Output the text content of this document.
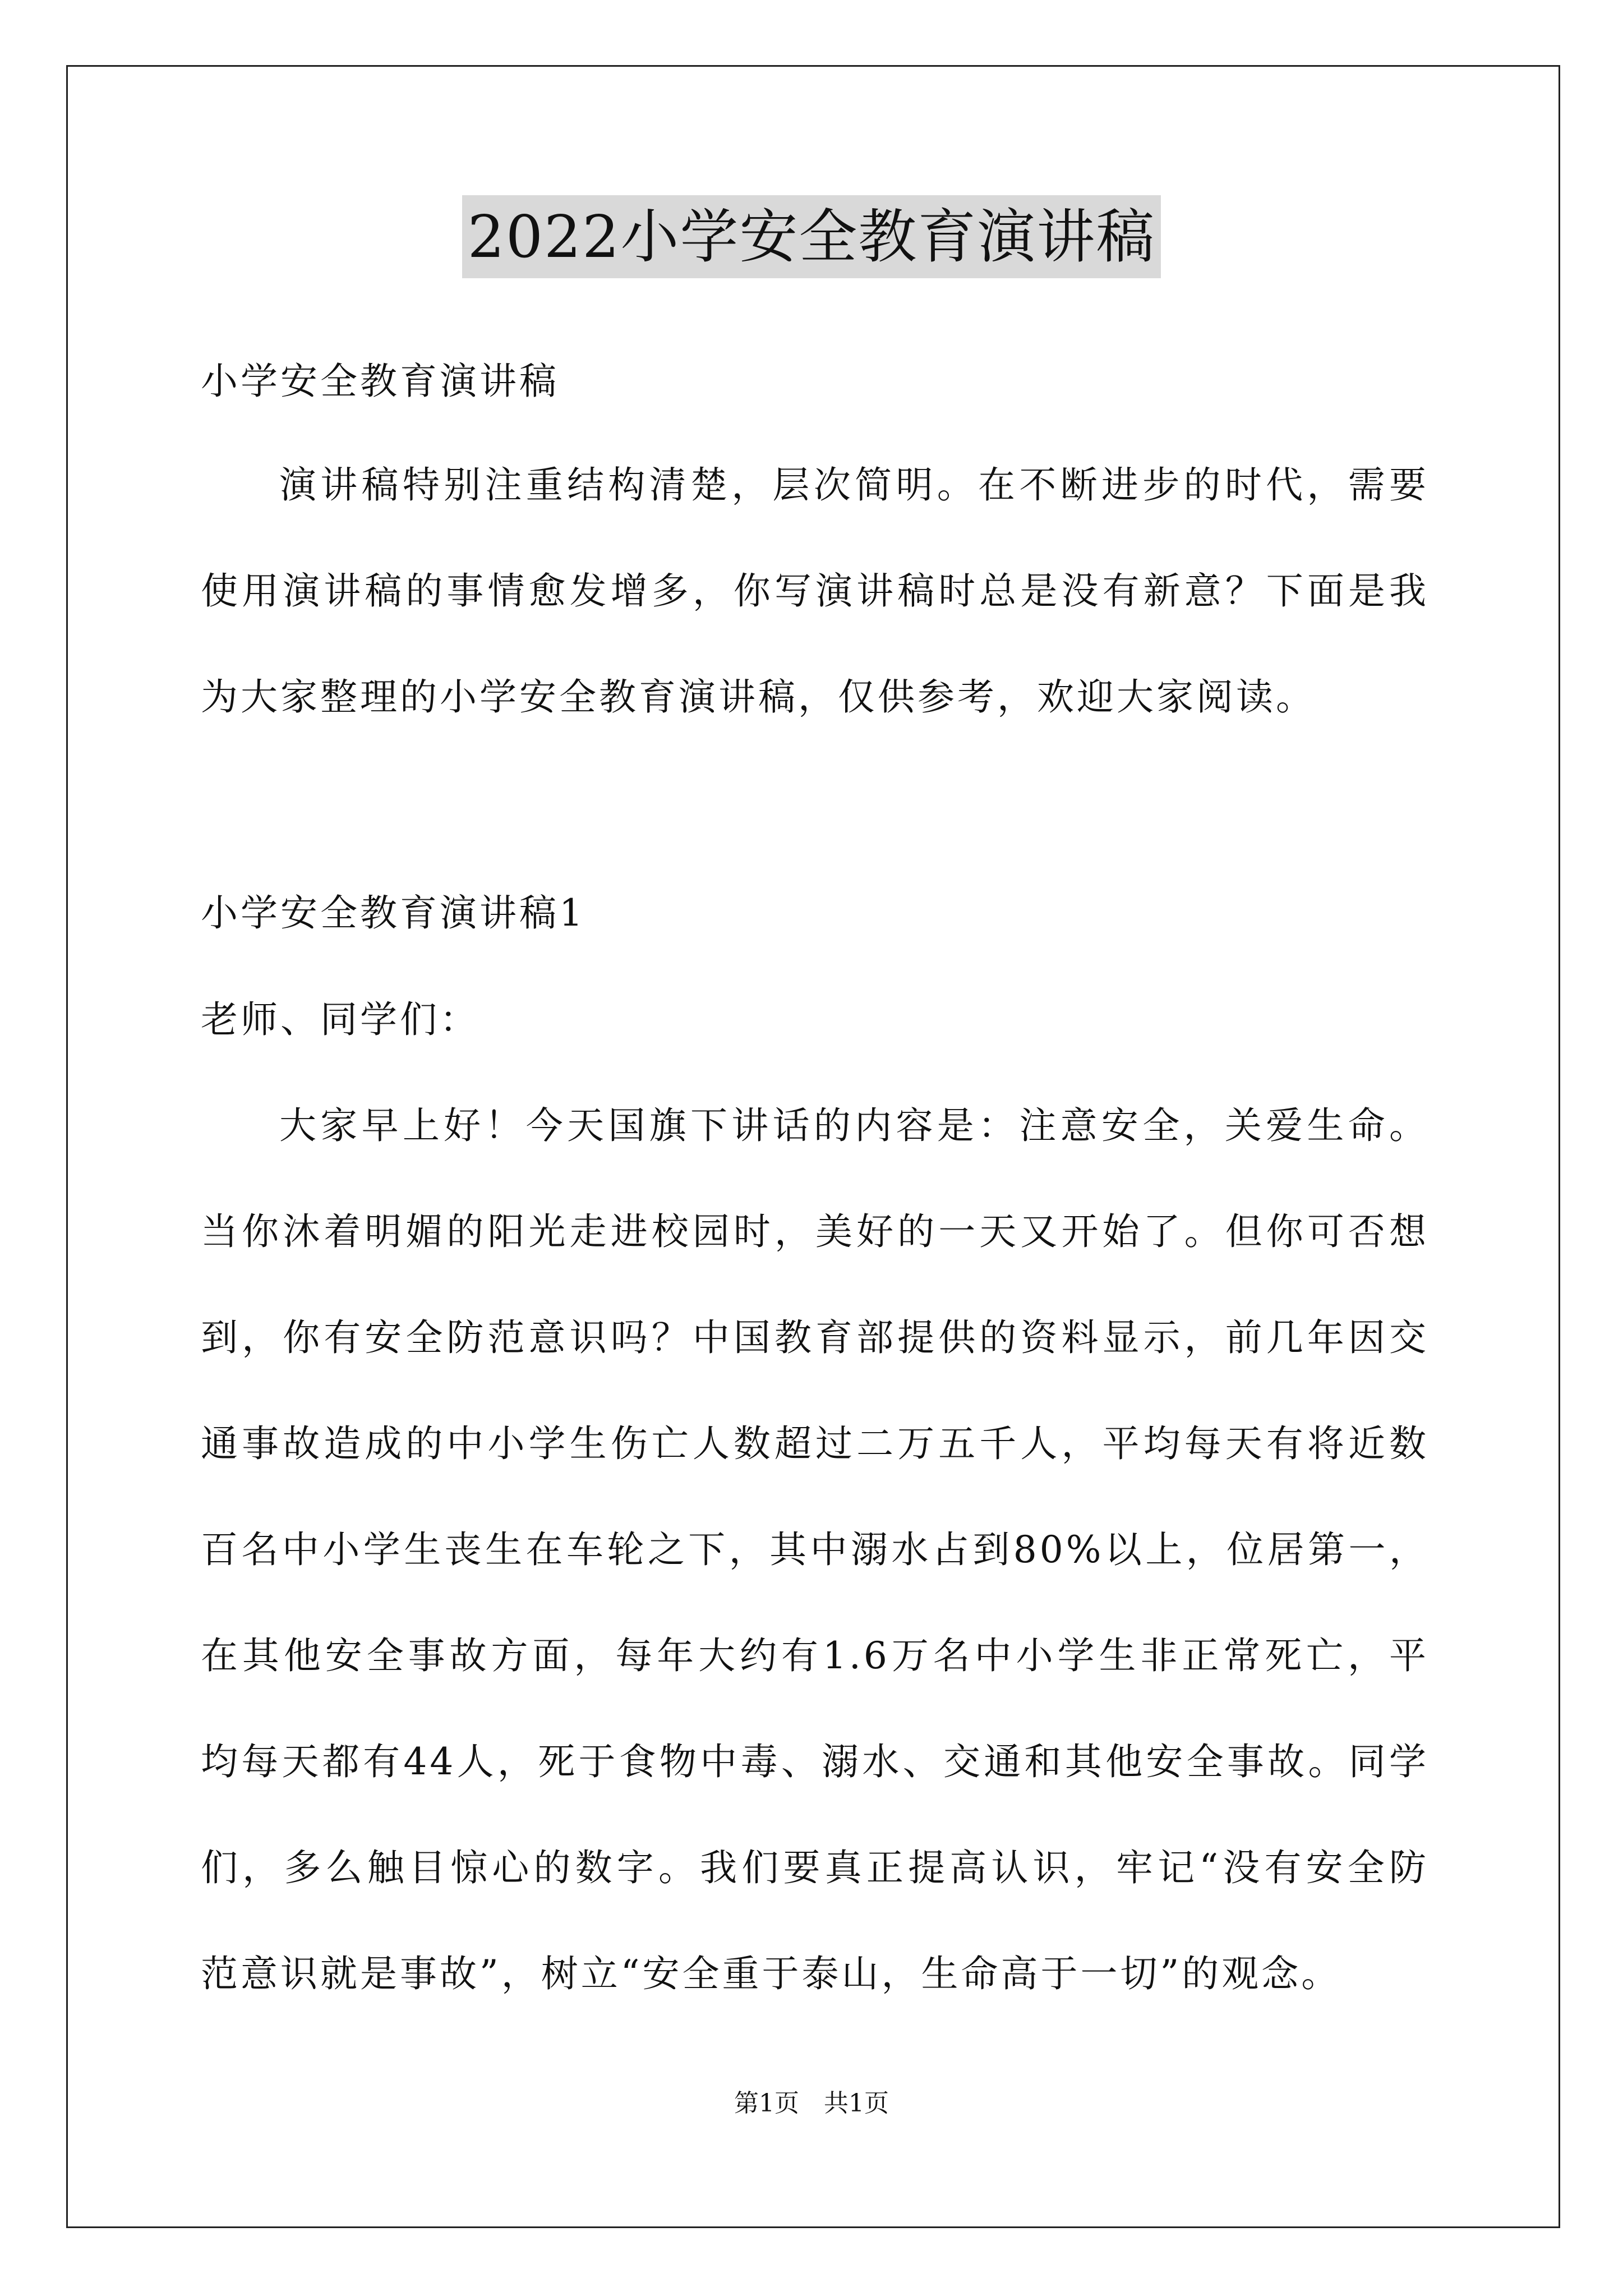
2022小学安全教育演讲稿
小学安全教育演讲稿
演讲稿特别注重结构清楚，层次简明。在不断进步的时代，需要
使用演讲稿的事情愈发增多，你写演讲稿时总是没有新意？下面是我
为大家整理的小学安全教育演讲稿，仅供参考，欢迎大家阅读。
小学安全教育演讲稿1
老师、同学们：
大家早上好！今天国旗下讲话的内容是：注意安全，关爱生命。
当你沐着明媚的阳光走进校园时，美好的一天又开始了。但你可否想
到，你有安全防范意识吗？中国教育部提供的资料显示，前几年因交
通事故造成的中小学生伤亡人数超过二万五千人，平均每天有将近数
百名中小学生丧生在车轮之下，其中溺水占到80%以上，位居第一，
在其他安全事故方面，每年大约有1.6万名中小学生非正常死亡，平
均每天都有44人，死于食物中毒、溺水、交通和其他安全事故。同学
们，多么触目惊心的数字。我们要真正提高认识，牢记“没有安全防
范意识就是事故”，树立“安全重于泰山，生命高于一切”的观念。
第1页 共1页
